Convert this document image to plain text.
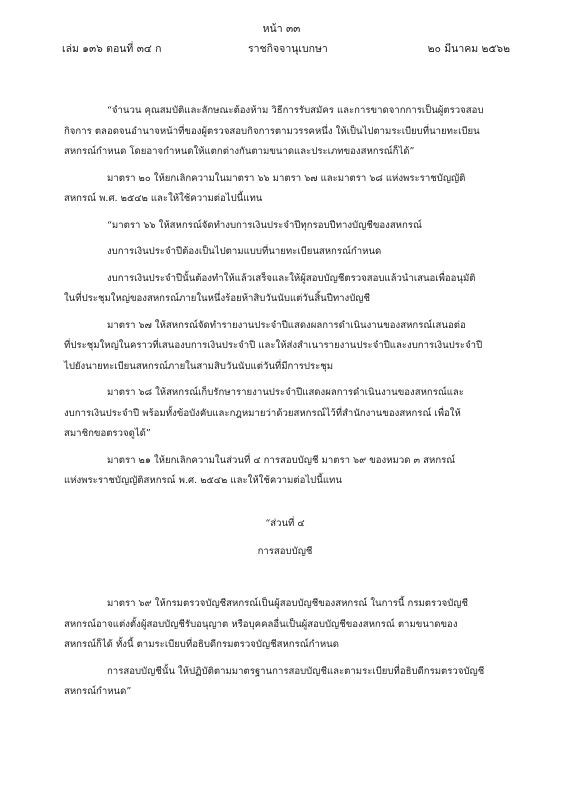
หน้า ๓๓
เล่ม ๑๓๖ ตอนที่ ๓๔ ก	ราชกิจจานุเบกษา	๒๐ มีนาคม ๒๕๖๒

“จำนวน คุณสมบัติและลักษณะต้องห้าม วิธีการรับสมัคร และการขาดจากการเป็นผู้ตรวจสอบ

กิจการ ตลอดจนอำนาจหน้าที่ของผู้ตรวจสอบกิจการตามวรรคหนึ่ง ให้เป็นไปตามระเบียบที่นายทะเบียน

สหกรณ์กำหนด โดยอาจกำหนดให้แตกต่างกันตามขนาดและประเภทของสหกรณ์ก็ได้”

มาตรา ๒๐ ให้ยกเลิกความในมาตรา ๖๖ มาตรา ๖๗ และมาตรา ๖๘ แห่งพระราชบัญญัติ

สหกรณ์ พ.ศ. ๒๕๔๒ และให้ใช้ความต่อไปนี้แทน

“มาตรา ๖๖ ให้สหกรณ์จัดทำงบการเงินประจำปีทุกรอบปีทางบัญชีของสหกรณ์

งบการเงินประจำปีต้องเป็นไปตามแบบที่นายทะเบียนสหกรณ์กำหนด

งบการเงินประจำปีนั้นต้องทำให้แล้วเสร็จและให้ผู้สอบบัญชีตรวจสอบแล้วนำเสนอเพื่ออนุมัติ

ในที่ประชุมใหญ่ของสหกรณ์ภายในหนึ่งร้อยห้าสิบวันนับแต่วันสิ้นปีทางบัญชี

มาตรา ๖๗ ให้สหกรณ์จัดทำรายงานประจำปีแสดงผลการดำเนินงานของสหกรณ์เสนอต่อ

ที่ประชุมใหญ่ในคราวที่เสนองบการเงินประจำปี และให้ส่งสำเนารายงานประจำปีและงบการเงินประจำปี

ไปยังนายทะเบียนสหกรณ์ภายในสามสิบวันนับแต่วันที่มีการประชุม

มาตรา ๖๘ ให้สหกรณ์เก็บรักษารายงานประจำปีแสดงผลการดำเนินงานของสหกรณ์และ

งบการเงินประจำปี พร้อมทั้งข้อบังคับและกฎหมายว่าด้วยสหกรณ์ไว้ที่สำนักงานของสหกรณ์ เพื่อให้

สมาชิกขอตรวจดูได้”

มาตรา ๒๑ ให้ยกเลิกความในส่วนที่ ๔ การสอบบัญชี มาตรา ๖๙ ของหมวด ๓ สหกรณ์

แห่งพระราชบัญญัติสหกรณ์ พ.ศ. ๒๕๔๒ และให้ใช้ความต่อไปนี้แทน

“ส่วนที่ ๔

การสอบบัญชี

มาตรา ๖๙ ให้กรมตรวจบัญชีสหกรณ์เป็นผู้สอบบัญชีของสหกรณ์ ในการนี้ กรมตรวจบัญชี

สหกรณ์อาจแต่งตั้งผู้สอบบัญชีรับอนุญาต หรือบุคคลอื่นเป็นผู้สอบบัญชีของสหกรณ์ ตามขนาดของ

สหกรณ์ก็ได้ ทั้งนี้ ตามระเบียบที่อธิบดีกรมตรวจบัญชีสหกรณ์กำหนด

การสอบบัญชีนั้น ให้ปฏิบัติตามมาตรฐานการสอบบัญชีและตามระเบียบที่อธิบดีกรมตรวจบัญชี

สหกรณ์กำหนด”
